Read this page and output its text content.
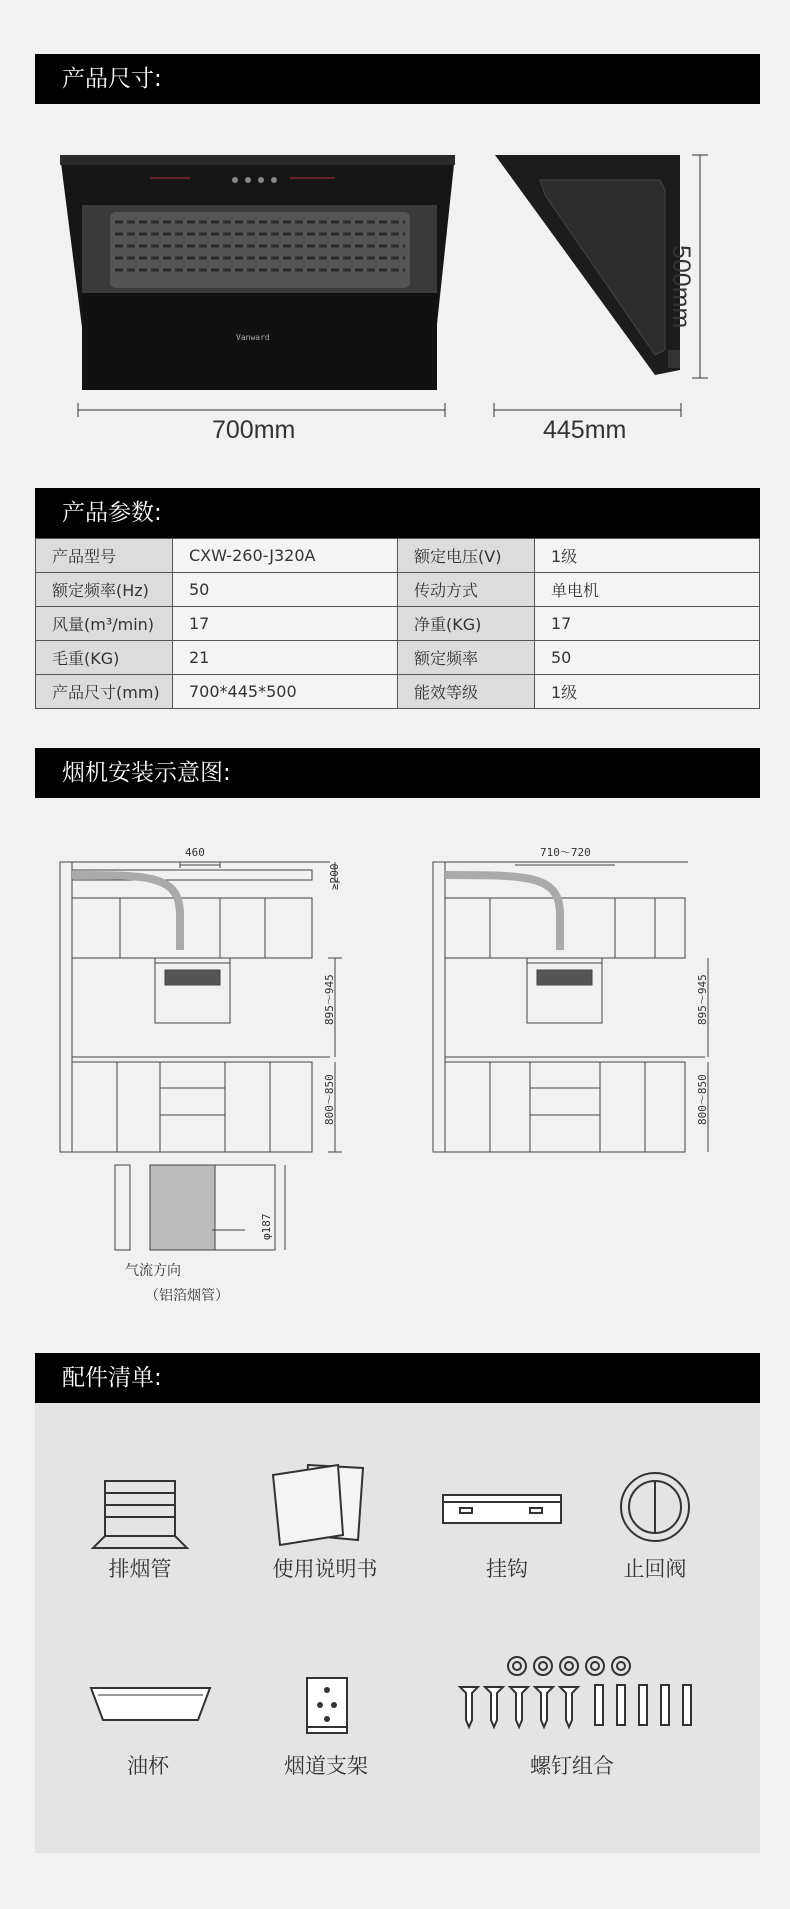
产品尺寸:
Vanward
700mm	445mm
500mm
产品参数:
产品型号	CXW-260-J320A	额定电压(V)	1级
额定频率(Hz)	50	传动方式	单电机
风量(m³/min)	17	净重(KG)	17
毛重(KG)	21	额定频率	50
产品尺寸(mm)	700*445*500	能效等级	1级
烟机安装示意图:
460	710～720
≥200
895～945
800～850
895～945
800～850
φ187
气流方向
（铝箔烟管）
配件清单:
排烟管	使用说明书	挂钩	止回阀
油杯	烟道支架	螺钉组合
